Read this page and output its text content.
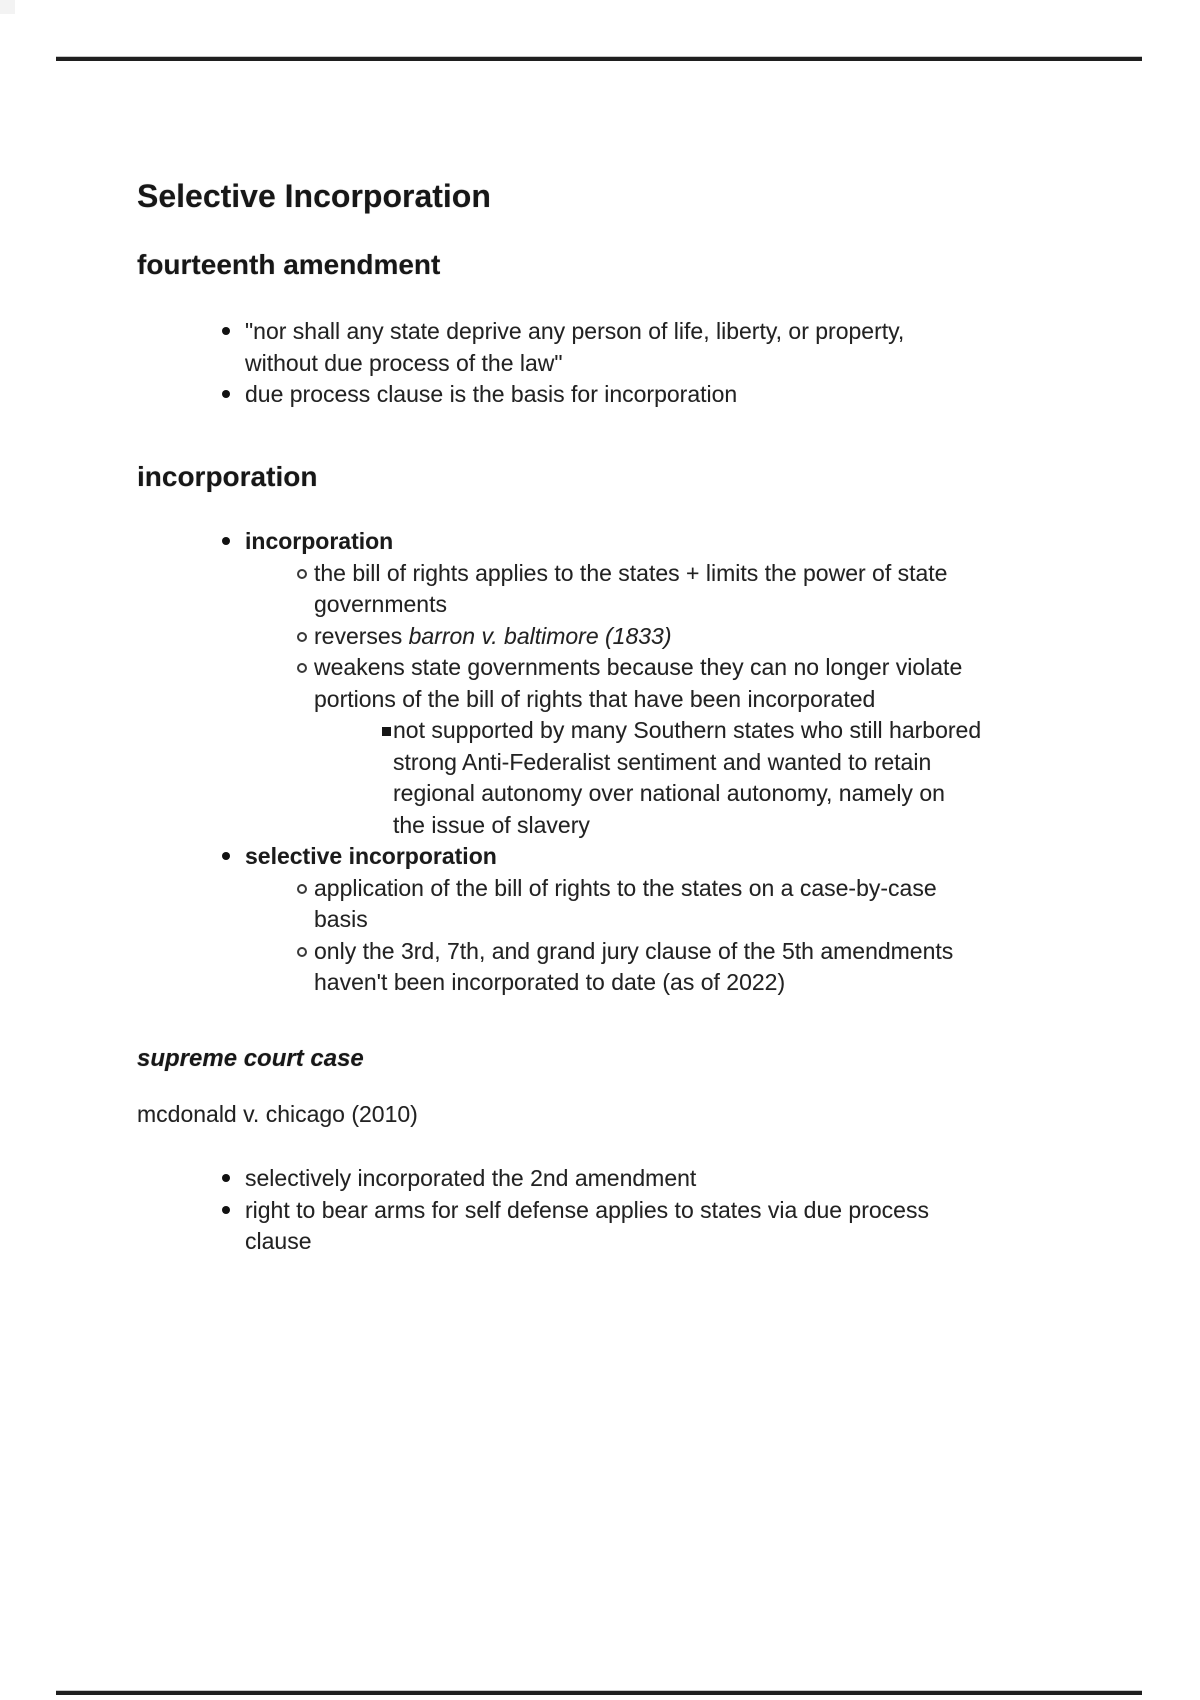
Selective Incorporation
fourteenth amendment
"nor shall any state deprive any person of life, liberty, or property,
without due process of the law"
due process clause is the basis for incorporation
incorporation
incorporation
the bill of rights applies to the states + limits the power of state
governments
reverses barron v. baltimore (1833)
weakens state governments because they can no longer violate
portions of the bill of rights that have been incorporated
not supported by many Southern states who still harbored
strong Anti-Federalist sentiment and wanted to retain
regional autonomy over national autonomy, namely on
the issue of slavery
selective incorporation
application of the bill of rights to the states on a case-by-case
basis
only the 3rd, 7th, and grand jury clause of the 5th amendments
haven't been incorporated to date (as of 2022)
supreme court case

mcdonald v. chicago (2010)

selectively incorporated the 2nd amendment
right to bear arms for self defense applies to states via due process
clause
